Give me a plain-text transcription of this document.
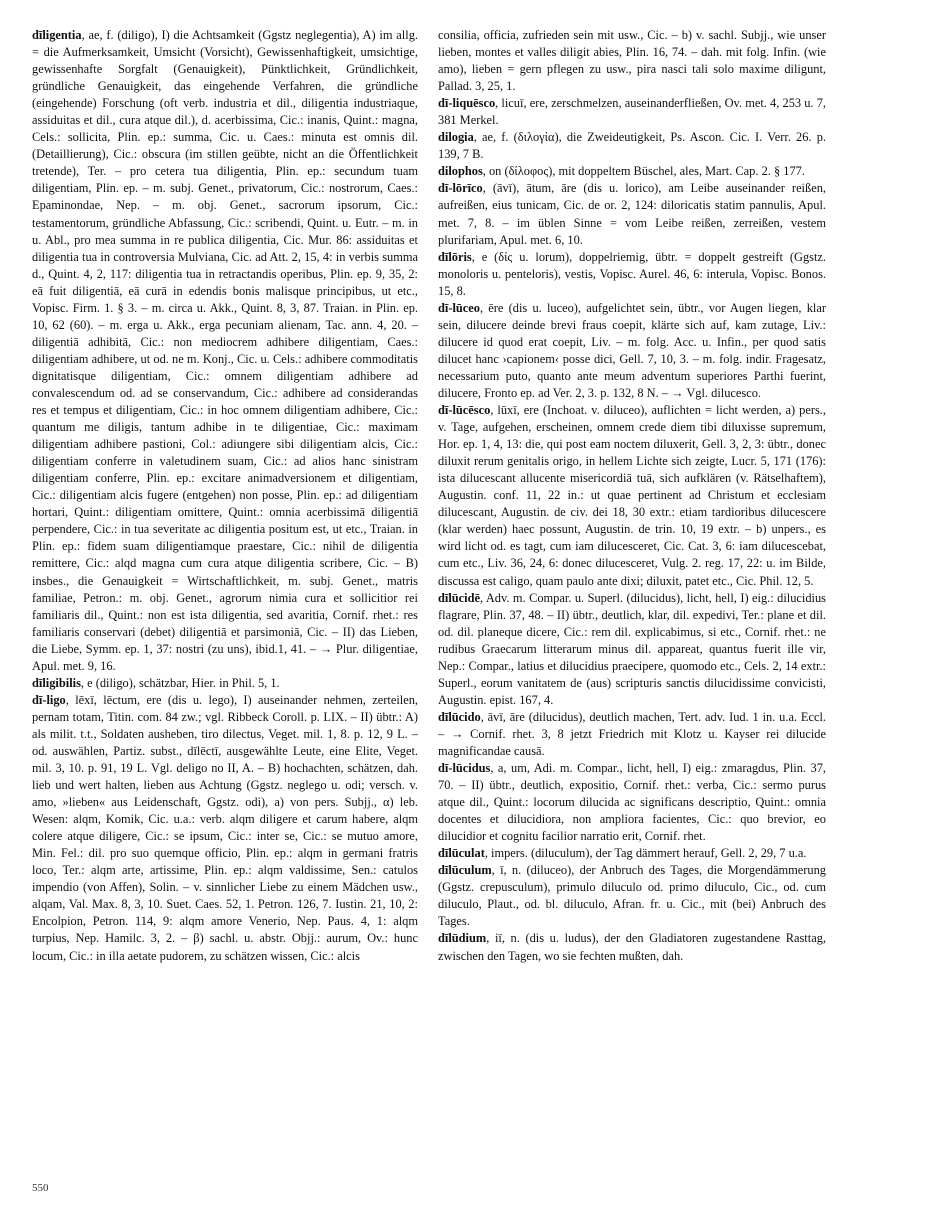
dīligentia, ae, f. (diligo), I) die Achtsamkeit (Ggstz neglegentia), A) im allg. = die Aufmerksamkeit, Umsicht (Vorsicht), Gewissenhaftigkeit, umsichtige, gewissenhafte Sorgfalt (Genauigkeit), Pünktlichkeit, Gründlichkeit, gründliche Genauigkeit, das eingehende Verfahren, die gründliche (eingehende) Forschung (oft verb. industria et dil., diligentia industriaque, assiduitas et dil., cura atque dil.), d. acerbissima, Cic.: inanis, Quint.: magna, Cels.: sollicita, Plin. ep.: summa, Cic. u. Caes.: minuta est omnis dil. (Detaillierung), Cic.: obscura (im stillen geübte, nicht an die Öffentlichkeit tretende), Ter. – pro cetera tua diligentia, Plin. ep.: secundum tuam diligentiam, Plin. ep. – m. subj. Genet., privatorum, Cic.: nostrorum, Caes.: Epaminondae, Nep. – m. obj. Genet., sacrorum ipsorum, Cic.: testamentorum, gründliche Abfassung, Cic.: scribendi, Quint. u. Eutr. – m. in u. Abl., pro mea summa in re publica diligentia, Cic. Mur. 86: assiduitas et diligentia tua in controversia Mulviana, Cic. ad Att. 2, 15, 4: in verbis summa d., Quint. 4, 2, 117: diligentia tua in retractandis operibus, Plin. ep. 9, 35, 2: eā fuit diligentiā, eā curā in edendis bonis malisque principibus, ut etc., Vopisc. Firm. 1. § 3. – m. circa u. Akk., Quint. 8, 3, 87. Traian. in Plin. ep. 10, 62 (60). – m. erga u. Akk., erga pecuniam alienam, Tac. ann. 4, 20. – diligentiā adhibitā, Cic.: non mediocrem adhibere diligentiam, Caes.: diligentiam adhibere, ut od. ne m. Konj., Cic. u. Cels.: adhibere commoditatis dignitatisque diligentiam, Cic.: omnem diligentiam adhibere ad convalescendum od. ad se conservandum, Cic.: adhibere ad considerandas res et tempus et diligentiam, Cic.: in hoc omnem diligentiam adhibere, Cic.: quantum me diligis, tantum adhibe in te diligentiae, Cic.: maximam diligentiam adhibere pastioni, Col.: adiungere sibi diligentiam alcis, Cic.: diligentiam conferre in valetudinem suam, Cic.: ad alios hanc sinistram diligentiam conferre, Plin. ep.: excitare animadversionem et diligentiam, Cic.: diligentiam alcis fugere (entgehen) non posse, Plin. ep.: ad diligentiam hortari, Quint.: diligentiam omittere, Quint.: omnia acerbissimā diligentiā perpendere, Cic.: in tua severitate ac diligentia positum est, ut etc., Traian. in Plin. ep.: fidem suam diligentiamque praestare, Cic.: nihil de diligentia remittere, Cic.: alqd magna cum cura atque diligentia scribere, Cic. – B) insbes., die Genauigkeit = Wirtschaftlichkeit, m. subj. Genet., matris familiae, Petron.: m. obj. Genet., agrorum nimia cura et sollicitior rei familiaris dil., Quint.: non est ista diligentia, sed avaritia, Cornif. rhet.: res familiaris conservari (debet) diligentiā et parsimoniā, Cic. – II) das Lieben, die Liebe, Symm. ep. 1, 37: nostri (zu uns), ibid.1, 41. – → Plur. diligentiae, Apul. met. 9, 16.

dīligibilis, e (diligo), schätzbar, Hier. in Phil. 5, 1.

dī-ligo, lēxī, lēctum, ere (dis u. lego), I) auseinander nehmen, zerteilen, pernam totam, Titin. com. 84 zw.; vgl. Ribbeck Coroll. p. LIX. – II) übtr.: A) als milit. t.t., Soldaten ausheben, tiro dilectus, Veget. mil. 1, 8. p. 12, 9 L. – od. auswählen, Partiz. subst., dīlēctī, ausgewählte Leute, eine Elite, Veget. mil. 3, 10. p. 91, 19 L. Vgl. deligo no II, A. – B) hochachten, schätzen, dah. lieb und wert halten, lieben aus Achtung (Ggstz. neglego u. odi; versch. v. amo, »lieben« aus Leidenschaft, Ggstz. odi), a) von pers. Subjj., α) leb. Wesen: alqm, Komik, Cic. u.a.: verb. alqm diligere et carum habere, alqm colere atque diligere, Cic.: se ipsum, Cic.: inter se, Cic.: se mutuo amore, Min. Fel.: dil. pro suo quemque officio, Plin. ep.: alqm in germani fratris loco, Ter.: alqm arte, artissime, Plin. ep.: alqm valdissime, Sen.: catulos impendio (von Affen), Solin. – v. sinnlicher Liebe zu einem Mädchen usw., alqam, Val. Max. 8, 3, 10. Suet. Caes. 52, 1. Petron. 126, 7. Iustin. 21, 10, 2: Encolpion, Petron. 114, 9: alqm amore Venerio, Nep. Paus. 4, 1: alqm turpius, Nep. Hamilc. 3, 2. – β) sachl. u. abstr. Objj.: aurum, Ov.: hunc locum, Cic.: in illa aetate pudorem, zu schätzen wissen, Cic.: alcis

consilia, officia, zufrieden sein mit usw., Cic. – b) v. sachl. Subjj., wie unser lieben, montes et valles diligit abies, Plin. 16, 74. – dah. mit folg. Infin. (wie amo), lieben = gern pflegen zu usw., pira nasci tali solo maxime diligunt, Pallad. 3, 25, 1.

dī-liquēsco, licuī, ere, zerschmelzen, auseinanderfließen, Ov. met. 4, 253 u. 7, 381 Merkel.

dilogia, ae, f. (διλογία), die Zweideutigkeit, Ps. Ascon. Cic. I. Verr. 26. p. 139, 7 B.

dilophos, on (δίλοφος), mit doppeltem Büschel, ales, Mart. Cap. 2. § 177.

dī-lōrīco, (āvī), ātum, āre (dis u. lorico), am Leibe auseinander reißen, aufreißen, eius tunicam, Cic. de or. 2, 124: diloricatis statim pannulis, Apul. met. 7, 8. – im üblen Sinne = vom Leibe reißen, zerreißen, vestem plurifariam, Apul. met. 6, 10.

dīlōris, e (δίς u. lorum), doppelriemig, übtr. = doppelt gestreift (Ggstz. monoloris u. penteloris), vestis, Vopisc. Aurel. 46, 6: interula, Vopisc. Bonos. 15, 8.

dī-lūceo, ēre (dis u. luceo), aufgelichtet sein, übtr., vor Augen liegen, klar sein, dilucere deinde brevi fraus coepit, klärte sich auf, kam zutage, Liv.: dilucere id quod erat coepit, Liv. – m. folg. Acc. u. Infin., per quod satis dilucet hanc ›capionem‹ posse dici, Gell. 7, 10, 3. – m. folg. indir. Fragesatz, necessarium puto, quanto ante meum adventum superiores Parthi fuerint, dilucere, Fronto ep. ad Ver. 2, 3. p. 132, 8 N. – → Vgl. dilucesco.

dī-lūcēsco, lūxī, ere (Inchoat. v. diluceo), auflichten = licht werden, a) pers., v. Tage, aufgehen, erscheinen, omnem crede diem tibi diluxisse supremum, Hor. ep. 1, 4, 13: die, qui post eam noctem diluxerit, Gell. 3, 2, 3: übtr., donec diluxit rerum genitalis origo, in hellem Lichte sich zeigte, Lucr. 5, 171 (176): ista dilucescant allucente misericordiā tuā, sich aufklären (v. Rätselhaftem), Augustin. conf. 11, 22 in.: ut quae pertinent ad Christum et ecclesiam dilucescant, Augustin. de civ. dei 18, 30 extr.: etiam tardioribus dilucescere (klar werden) haec possunt, Augustin. de trin. 10, 19 extr. – b) unpers., es wird licht od. es tagt, cum iam dilucesceret, Cic. Cat. 3, 6: iam dilucescebat, cum etc., Liv. 36, 24, 6: donec dilucesceret, Vulg. 2. reg. 17, 22: u. im Bilde, discussa est caligo, quam paulo ante dixi; diluxit, patet etc., Cic. Phil. 12, 5.

dīlūcidē, Adv. m. Compar. u. Superl. (dilucidus), licht, hell, I) eig.: dilucidius flagrare, Plin. 37, 48. – II) übtr., deutlich, klar, dil. expedivi, Ter.: plane et dil. od. dil. planeque dicere, Cic.: rem dil. explicabimus, si etc., Cornif. rhet.: ne rudibus Graecarum litterarum minus dil. appareat, quantus fuerit ille vir, Nep.: Compar., latius et dilucidius praecipere, quomodo etc., Cels. 2, 14 extr.: Superl., eorum vanitatem de (aus) scripturis sanctis dilucidissime convicisti, Augustin. epist. 167, 4.

dīlūcido, āvī, āre (dilucidus), deutlich machen, Tert. adv. Iud. 1 in. u.a. Eccl. – → Cornif. rhet. 3, 8 jetzt Friedrich mit Klotz u. Kayser rei dilucide magnificandae causā.

dī-lūcidus, a, um, Adi. m. Compar., licht, hell, I) eig.: zmaragdus, Plin. 37, 70. – II) übtr., deutlich, expositio, Cornif. rhet.: verba, Cic.: sermo purus atque dil., Quint.: locorum dilucida ac significans descriptio, Quint.: omnia docentes et dilucidiora, non ampliora facientes, Cic.: quo brevior, eo dilucidior et cognitu facilior narratio erit, Cornif. rhet.

dīlūculat, impers. (diluculum), der Tag dämmert herauf, Gell. 2, 29, 7 u.a.

dīlūculum, ī, n. (diluceo), der Anbruch des Tages, die Morgendämmerung (Ggstz. crepusculum), primulo diluculo od. primo diluculo, Cic., od. cum diluculo, Plaut., od. bl. diluculo, Afran. fr. u. Cic., mit (bei) Anbruch des Tages.

dīlūdium, iī, n. (dis u. ludus), der den Gladiatoren zugestandene Rasttag, zwischen den Tagen, wo sie fechten mußten, dah.

550
